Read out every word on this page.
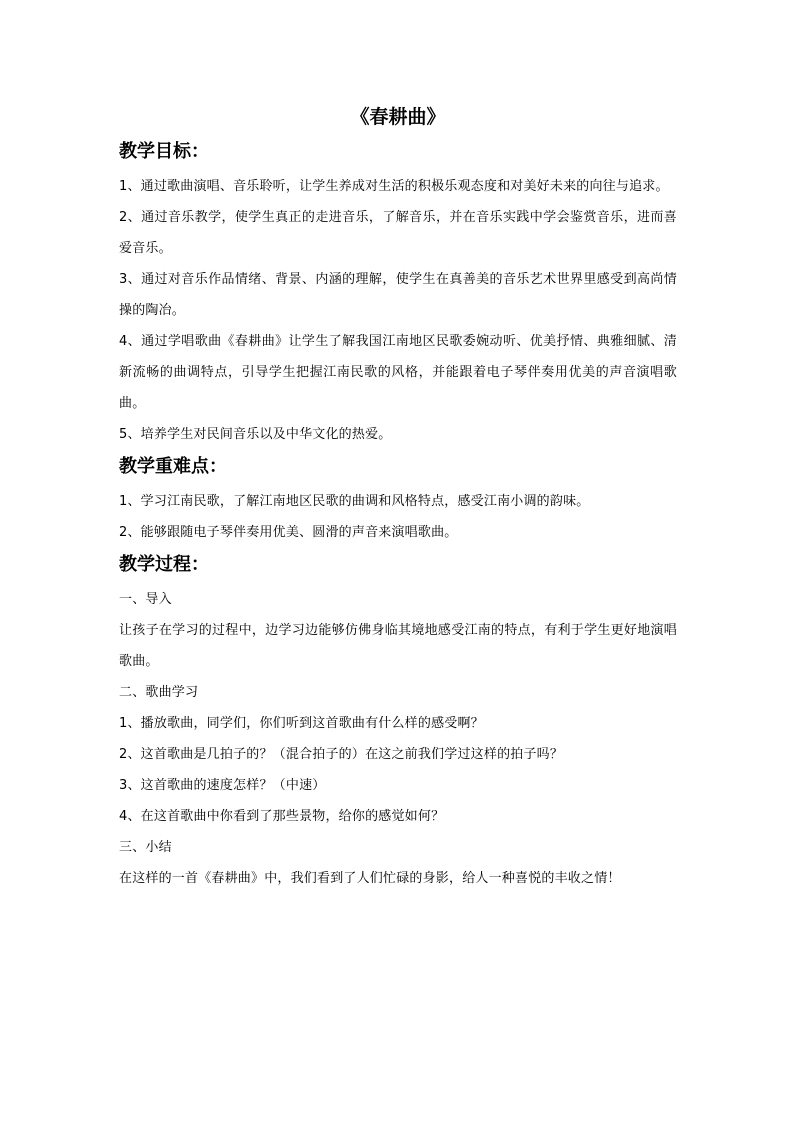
《春耕曲》
教学目标：

1、通过歌曲演唱、音乐聆听，让学生养成对生活的积极乐观态度和对美好未来的向往与追求。

2、通过音乐教学，使学生真正的走进音乐，了解音乐，并在音乐实践中学会鉴赏音乐，进而喜爱音乐。

3、通过对音乐作品情绪、背景、内涵的理解，使学生在真善美的音乐艺术世界里感受到高尚情操的陶冶。

4、通过学唱歌曲《春耕曲》让学生了解我国江南地区民歌委婉动听、优美抒情、典雅细腻、清新流畅的曲调特点，引导学生把握江南民歌的风格，并能跟着电子琴伴奏用优美的声音演唱歌曲。

5、培养学生对民间音乐以及中华文化的热爱。

教学重难点：

1、学习江南民歌，了解江南地区民歌的曲调和风格特点，感受江南小调的韵味。

2、能够跟随电子琴伴奏用优美、圆滑的声音来演唱歌曲。

教学过程：

一、导入

让孩子在学习的过程中，边学习边能够仿佛身临其境地感受江南的特点，有利于学生更好地演唱歌曲。

二、歌曲学习

1、播放歌曲，同学们，你们听到这首歌曲有什么样的感受啊？

2、这首歌曲是几拍子的？（混合拍子的）在这之前我们学过这样的拍子吗？

3、这首歌曲的速度怎样？（中速）

4、在这首歌曲中你看到了那些景物，给你的感觉如何？

三、小结

在这样的一首《春耕曲》中，我们看到了人们忙碌的身影，给人一种喜悦的丰收之情！
